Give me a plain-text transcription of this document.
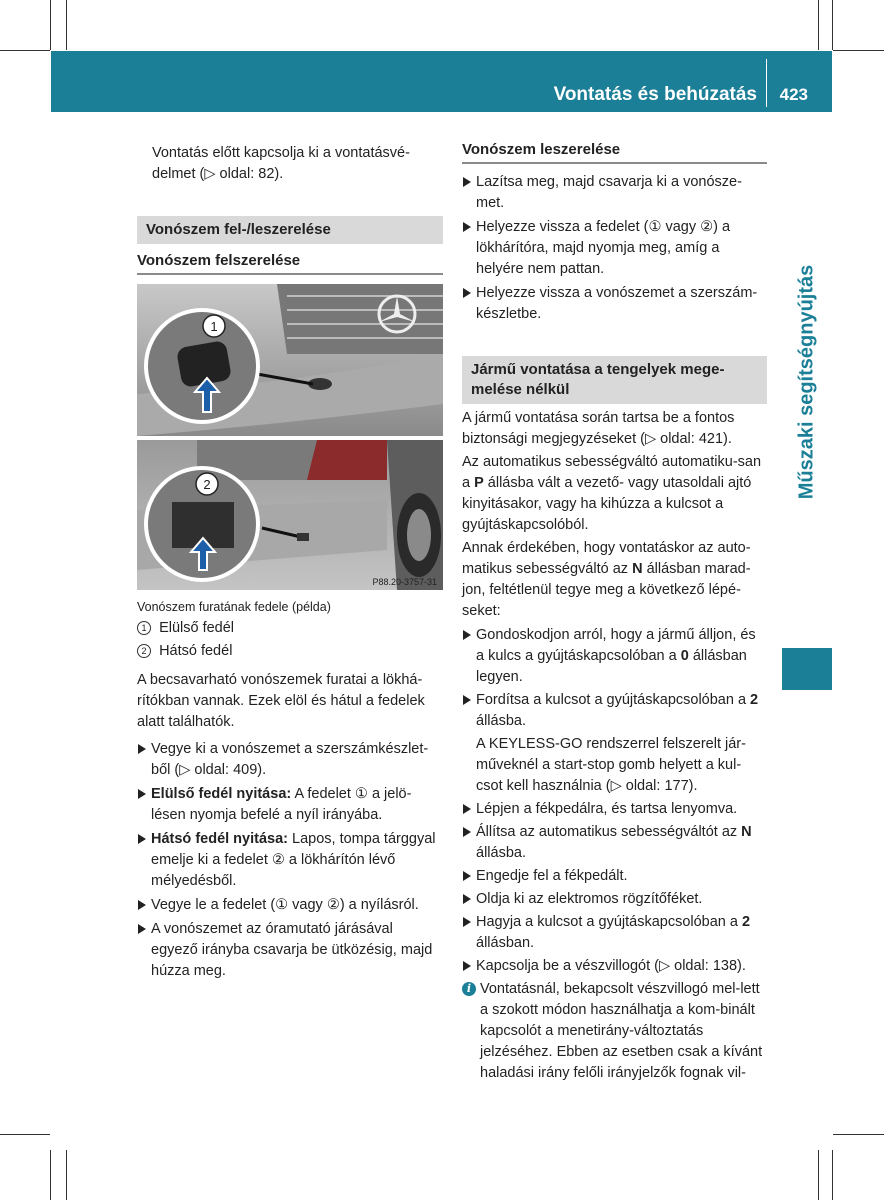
Vontatás és behúzatás 423
Műszaki segítségnyújtás

Vontatás előtt kapcsolja ki a vontatásvé-delmet (▷ oldal: 82).

Vonószem fel-/leszerelése
Vonószem felszerelése
1
2
P88.20-3757-31

Vonószem furatának fedele (példa)

1 Elülső fedél

2 Hátsó fedél

A becsavarható vonószemek furatai a lökhá-rítókban vannak. Ezek elöl és hátul a fedelek alatt találhatók.

Vegye ki a vonószemet a szerszámkészlet-ből (▷ oldal: 409).
Elülső fedél nyitása: A fedelet ① a jelö-lésen nyomja befelé a nyíl irányába.
Hátsó fedél nyitása: Lapos, tompa tárggyal emelje ki a fedelet ② a lökhárítón lévő mélyedésből.
Vegye le a fedelet (① vagy ②) a nyílásról.
A vonószemet az óramutató járásával egyező irányba csavarja be ütközésig, majd húzza meg.
Vonószem leszerelése
Lazítsa meg, majd csavarja ki a vonósze-met.
Helyezze vissza a fedelet (① vagy ②) a lökhárítóra, majd nyomja meg, amíg a helyére nem pattan.
Helyezze vissza a vonószemet a szerszám-készletbe.
Jármű vontatása a tengelyek mege-melése nélkül

A jármű vontatása során tartsa be a fontos biztonsági megjegyzéseket (▷ oldal: 421).

Az automatikus sebességváltó automatiku-san a P állásba vált a vezető- vagy utasoldali ajtó kinyitásakor, vagy ha kihúzza a kulcsot a gyújtáskapcsolóból.

Annak érdekében, hogy vontatáskor az auto-matikus sebességváltó az N állásban marad-jon, feltétlenül tegye meg a következő lépé-seket:

Gondoskodjon arról, hogy a jármű álljon, és a kulcs a gyújtáskapcsolóban a 0 állásban legyen.
Fordítsa a kulcsot a gyújtáskapcsolóban a 2 állásba.

A KEYLESS-GO rendszerrel felszerelt jár-műveknél a start-stop gomb helyett a kul-csot kell használnia (▷ oldal: 177).

Lépjen a fékpedálra, és tartsa lenyomva.
Állítsa az automatikus sebességváltót az N állásba.
Engedje fel a fékpedált.
Oldja ki az elektromos rögzítőféket.
Hagyja a kulcsot a gyújtáskapcsolóban a 2 állásban.
Kapcsolja be a vészvillogót (▷ oldal: 138).
i Vontatásnál, bekapcsolt vészvillogó mel-lett a szokott módon használhatja a kom-binált kapcsolót a menetirány-változtatás jelzéséhez. Ebben az esetben csak a kívánt haladási irány felőli irányjelzők fognak vil-
